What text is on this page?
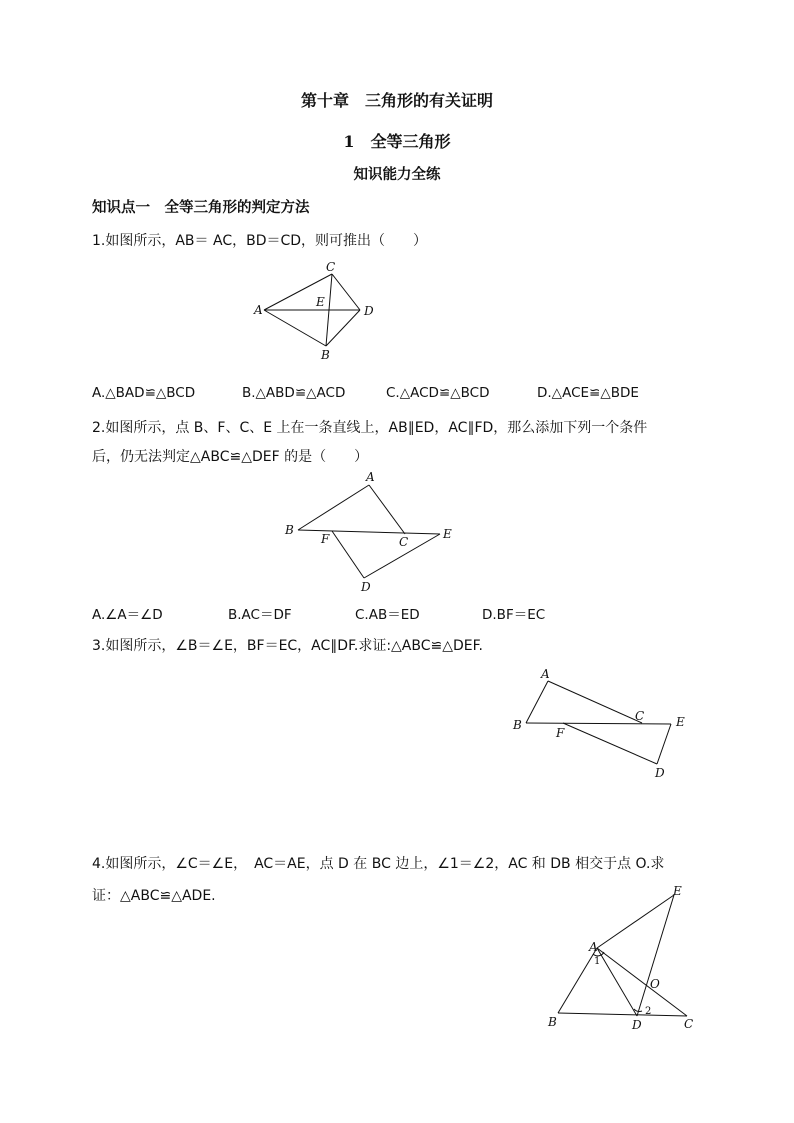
第十章　三角形的有关证明
1　全等三角形
知识能力全练
知识点一　全等三角形的判定方法
1.如图所示，AB＝ AC，BD＝CD，则可推出（　　）
A
C
E
D
B
A.△BAD≌△BCD	B.△ABD≌△ACD	C.△ACD≌△BCD	D.△ACE≌△BDE
2.如图所示，点 B、F、C、E 上在一条直线上，AB∥ED，AC∥FD，那么添加下列一个条件
后，仍无法判定△ABC≌△DEF 的是（　　）
B
A
F	C
E
D
A.∠A＝∠D	B.AC＝DF	C.AB＝ED	D.BF＝EC
3.如图所示，∠B＝∠E，BF＝EC，AC∥DF.求证:△ABC≌△DEF.
B
A
F
C	E
D
4.如图所示，∠C＝∠E，　AC＝AE，点 D 在 BC 边上，∠1＝∠2，AC 和 DB 相交于点 O.求
证：△ABC≌△ADE.
A
E
1
O
2
B	D	C
